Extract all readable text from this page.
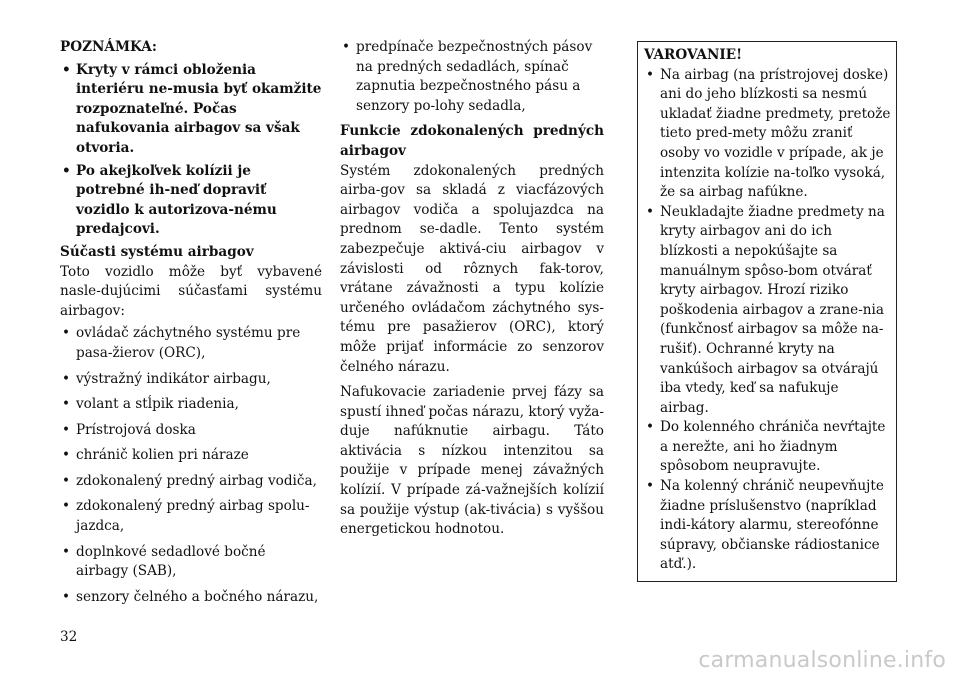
POZNÁMKA:

• Kryty v rámci obloženia interiéru ne-musia byť okamžite rozpoznateľné. Počas nafukovania airbagov sa však otvoria.
• Po akejkoľvek kolízii je potrebné ih-neď dopraviť vozidlo k autorizova-nému predajcovi.

Súčasti systému airbagov

Toto vozidlo môže byť vybavené nasle-dujúcimi súčasťami systému airbagov:

• ovládač záchytného systému pre pasa-žierov (ORC),
• výstražný indikátor airbagu,
• volant a stĺpik riadenia,
• Prístrojová doska
• chránič kolien pri náraze
• zdokonalený predný airbag vodiča,
• zdokonalený predný airbag spolu-jazdca,
• doplnkové sedadlové bočné airbagy (SAB),
• senzory čelného a bočného nárazu,
• predpínače bezpečnostných pásov na predných sedadlách, spínač zapnutia bezpečnostného pásu a senzory po-lohy sedadla,

Funkcie zdokonalených predných airbagov

Systém zdokonalených predných airba-gov sa skladá z viacfázových airbagov vodiča a spolujazdca na prednom se-dadle. Tento systém zabezpečuje aktivá-ciu airbagov v závislosti od rôznych fak-torov, vrátane závažnosti a typu kolízie určeného ovládačom záchytného sys-tému pre pasažierov (ORC), ktorý môže prijať informácie zo senzorov čelného nárazu.

Nafukovacie zariadenie prvej fázy sa spustí ihneď počas nárazu, ktorý vyža-duje nafúknutie airbagu. Táto aktivácia s nízkou intenzitou sa použije v prípade menej závažných kolízií. V prípade zá-važnejších kolízií sa použije výstup (ak-tivácia) s vyššou energetickou hodnotou.

VAROVANIE!

• Na airbag (na prístrojovej doske) ani do jeho blízkosti sa nesmú ukladať žiadne predmety, pretože tieto pred-mety môžu zraniť osoby vo vozidle v prípade, ak je intenzita kolízie na-toľko vysoká, že sa airbag nafúkne.
• Neukladajte žiadne predmety na kryty airbagov ani do ich blízkosti a nepokúšajte sa manuálnym spôso-bom otvárať kryty airbagov. Hrozí riziko poškodenia airbagov a zrane-nia (funkčnosť airbagov sa môže na-rušiť). Ochranné kryty na vankúšoch airbagov sa otvárajú iba vtedy, keď sa nafukuje airbag.
• Do kolenného chrániča nevŕtajte a nerežte, ani ho žiadnym spôsobom neupravujte.
• Na kolenný chránič neupevňujte žiadne príslušenstvo (napríklad indi-kátory alarmu, stereofónne súpravy, občianske rádiostanice atď.).
32
carmanualsonline.info
